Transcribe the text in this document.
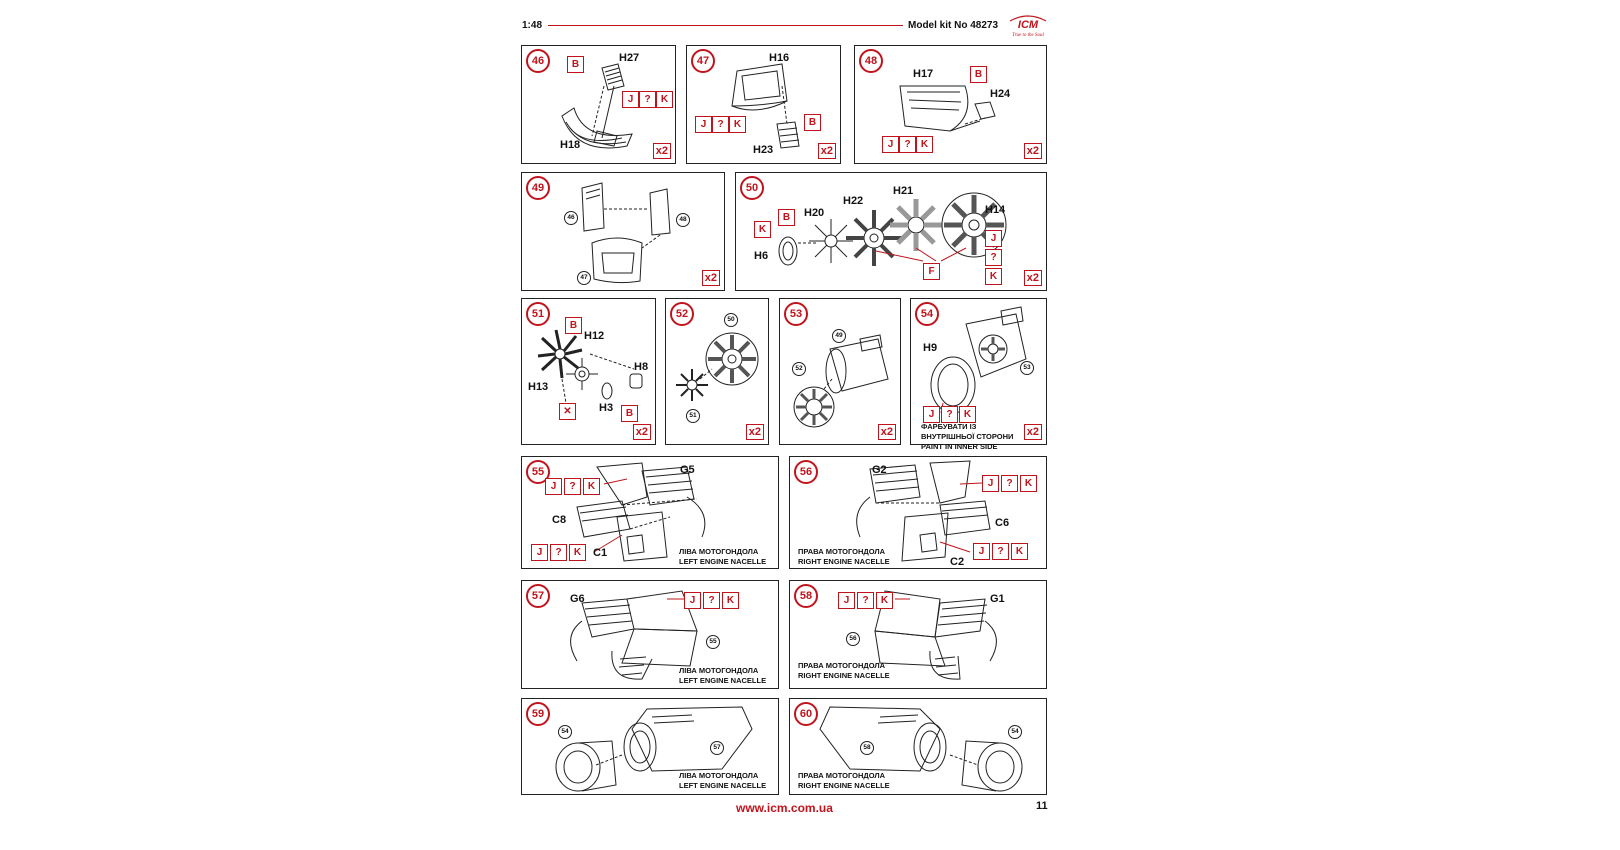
1:48	Model kit No 48273 ICM
True to the Soul
46	H27
H18
B
J	?	K
x2
47	H16
H23
J	?	K	B
x2
48
H17
H24
B
J	?	K
x2
49
46	48
47	x2
50
H20
H22
H21
H14
H6
K
B
J
?
K
F
x2
51
H12
H8
H13
H3
B
B
✕
x2
52	50
51
x2
53
49
52
x2
54
H9
53
J	?	K
ФАРБУВАТИ ІЗ
ВНУТРІШНЬОЇ СТОРОНИ
PAINT IN INNER SIDE
x2
55	G5
C8
C1
J	?	K
J	?	K	ЛІВА МОТОГОНДОЛА
LEFT ENGINE NACELLE
56	G2
C6
C2
J	?	K
J	?	K
ПРАВА МОТОГОНДОЛА
RIGHT ENGINE NACELLE
57	G6
55
J	?	K
ЛІВА МОТОГОНДОЛА
LEFT ENGINE NACELLE
58	G1
56
J	?	K
ПРАВА МОТОГОНДОЛА
RIGHT ENGINE NACELLE
59
54
57
ЛІВА МОТОГОНДОЛА
LEFT ENGINE NACELLE
60
54
58
ПРАВА МОТОГОНДОЛА
RIGHT ENGINE NACELLE
www.icm.com.ua	11
